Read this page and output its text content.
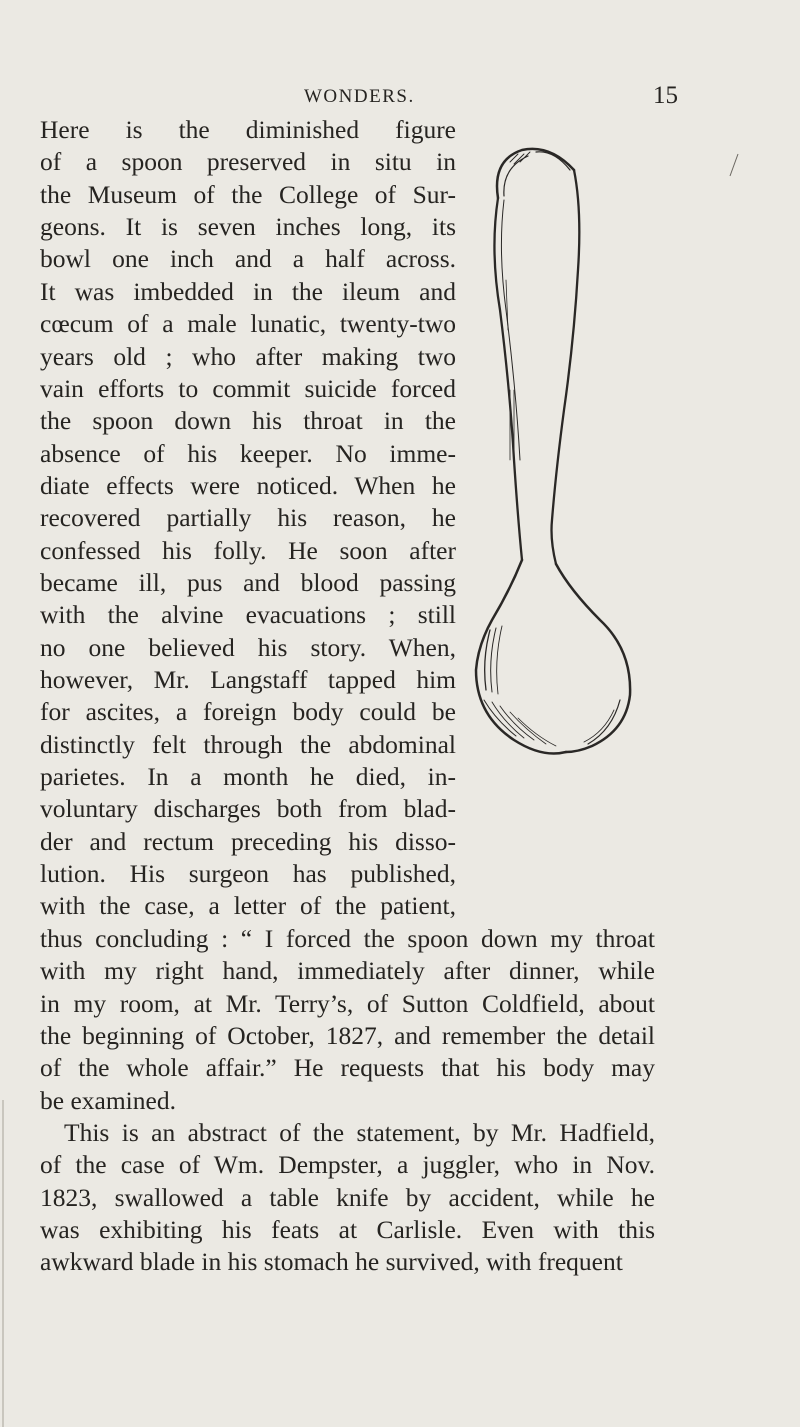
WONDERS.	15
Here is the diminished figure
of a spoon preserved in situ in
the Museum of the College of Sur-
geons. It is seven inches long, its
bowl one inch and a half across.
It was imbedded in the ileum and
cœcum of a male lunatic, twenty-two
years old ; who after making two
vain efforts to commit suicide forced
the spoon down his throat in the
absence of his keeper. No imme-
diate effects were noticed. When he
recovered partially his reason, he
confessed his folly. He soon after
became ill, pus and blood passing
with the alvine evacuations ; still
no one believed his story. When,
however, Mr. Langstaff tapped him
for ascites, a foreign body could be
distinctly felt through the abdominal
parietes. In a month he died, in-
voluntary discharges both from blad-
der and rectum preceding his disso-
lution. His surgeon has published,
with the case, a letter of the patient,
thus concluding : “ I forced the spoon down my throat
with my right hand, immediately after dinner, while
in my room, at Mr. Terry’s, of Sutton Coldfield, about
the beginning of October, 1827, and remember the detail
of the whole affair.” He requests that his body may
be examined.
This is an abstract of the statement, by Mr. Hadfield,
of the case of Wm. Dempster, a juggler, who in Nov.
1823, swallowed a table knife by accident, while he
was exhibiting his feats at Carlisle. Even with this
awkward blade in his stomach he survived, with frequent
